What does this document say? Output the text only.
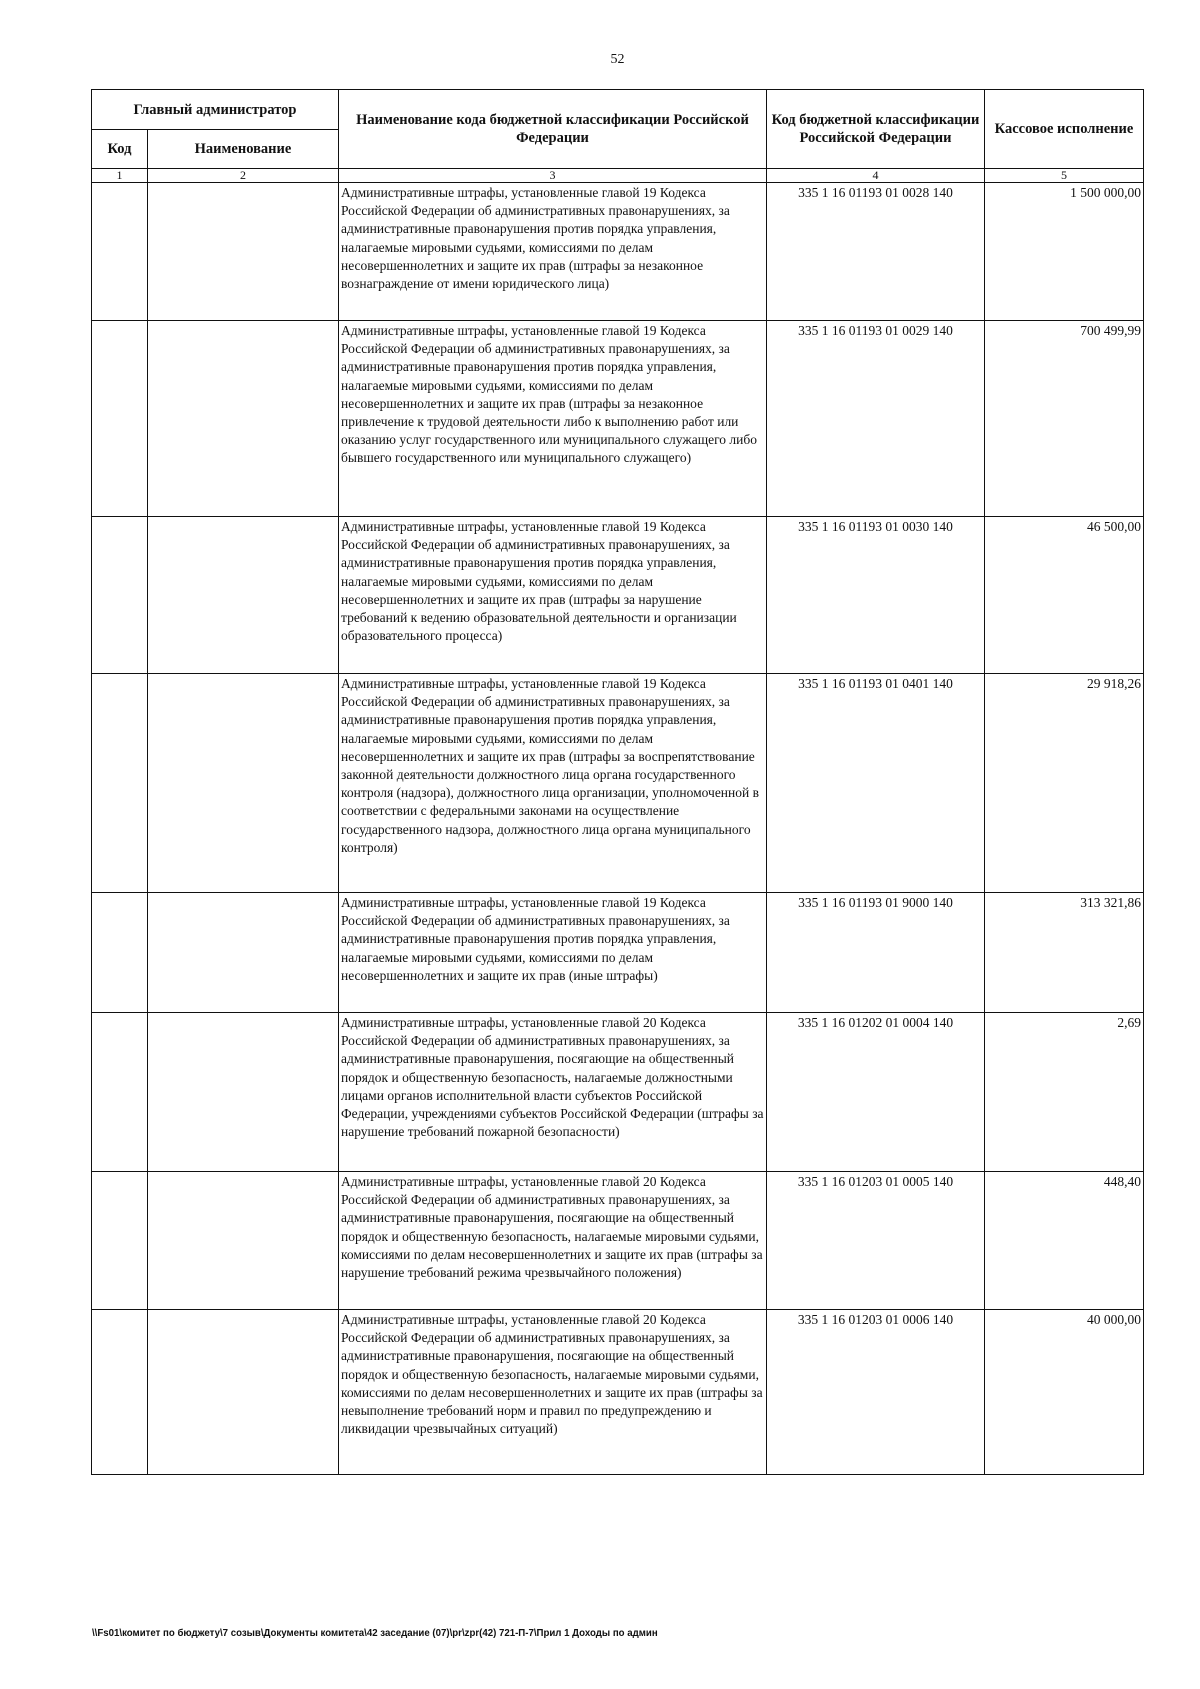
52
Главный администратор		Наименование кода бюджетной классификации Российской Федерации	Код бюджетной классификации Российской Федерации	Кассовое исполнение
Код	Наименование			
1	2	3	4	5
		Административные штрафы, установленные главой 19 Кодекса Российской Федерации об административных правонарушениях, за административные правонарушения против порядка управления, налагаемые мировыми судьями, комиссиями по делам несовершеннолетних и защите их прав (штрафы за незаконное вознаграждение от имени юридического лица)	335 1 16 01193 01 0028 140	1 500 000,00
		Административные штрафы, установленные главой 19 Кодекса Российской Федерации об административных правонарушениях, за административные правонарушения против порядка управления, налагаемые мировыми судьями, комиссиями по делам несовершеннолетних и защите их прав (штрафы за незаконное привлечение к трудовой деятельности либо к выполнению работ или оказанию услуг государственного или муниципального служащего либо бывшего государственного или муниципального служащего)	335 1 16 01193 01 0029 140	700 499,99
		Административные штрафы, установленные главой 19 Кодекса Российской Федерации об административных правонарушениях, за административные правонарушения против порядка управления, налагаемые мировыми судьями, комиссиями по делам несовершеннолетних и защите их прав (штрафы за нарушение требований к ведению образовательной деятельности и организации образовательного процесса)	335 1 16 01193 01 0030 140	46 500,00
		Административные штрафы, установленные главой 19 Кодекса Российской Федерации об административных правонарушениях, за административные правонарушения против порядка управления, налагаемые мировыми судьями, комиссиями по делам несовершеннолетних и защите их прав (штрафы за воспрепятствование законной деятельности должностного лица органа государственного контроля (надзора), должностного лица организации, уполномоченной в соответствии с федеральными законами на осуществление государственного надзора, должностного лица органа муниципального контроля)	335 1 16 01193 01 0401 140	29 918,26
		Административные штрафы, установленные главой 19 Кодекса Российской Федерации об административных правонарушениях, за административные правонарушения против порядка управления, налагаемые мировыми судьями, комиссиями по делам несовершеннолетних и защите их прав (иные штрафы)	335 1 16 01193 01 9000 140	313 321,86
		Административные штрафы, установленные главой 20 Кодекса Российской Федерации об административных правонарушениях, за административные правонарушения, посягающие на общественный порядок и общественную безопасность, налагаемые должностными лицами органов исполнительной власти субъектов Российской Федерации, учреждениями субъектов Российской Федерации (штрафы за нарушение требований пожарной безопасности)	335 1 16 01202 01 0004 140	2,69
		Административные штрафы, установленные главой 20 Кодекса Российской Федерации об административных правонарушениях, за административные правонарушения, посягающие на общественный порядок и общественную безопасность, налагаемые мировыми судьями, комиссиями по делам несовершеннолетних и защите их прав (штрафы за нарушение требований режима чрезвычайного положения)	335 1 16 01203 01 0005 140	448,40
		Административные штрафы, установленные главой 20 Кодекса Российской Федерации об административных правонарушениях, за административные правонарушения, посягающие на общественный порядок и общественную безопасность, налагаемые мировыми судьями, комиссиями по делам несовершеннолетних и защите их прав (штрафы за невыполнение требований норм и правил по предупреждению и ликвидации чрезвычайных ситуаций)	335 1 16 01203 01 0006 140	40 000,00
\\Fs01\комитет по бюджету\7 созыв\Документы комитета\42 заседание (07)\pr\zpr(42) 721-П-7\Прил 1 Доходы по админ
